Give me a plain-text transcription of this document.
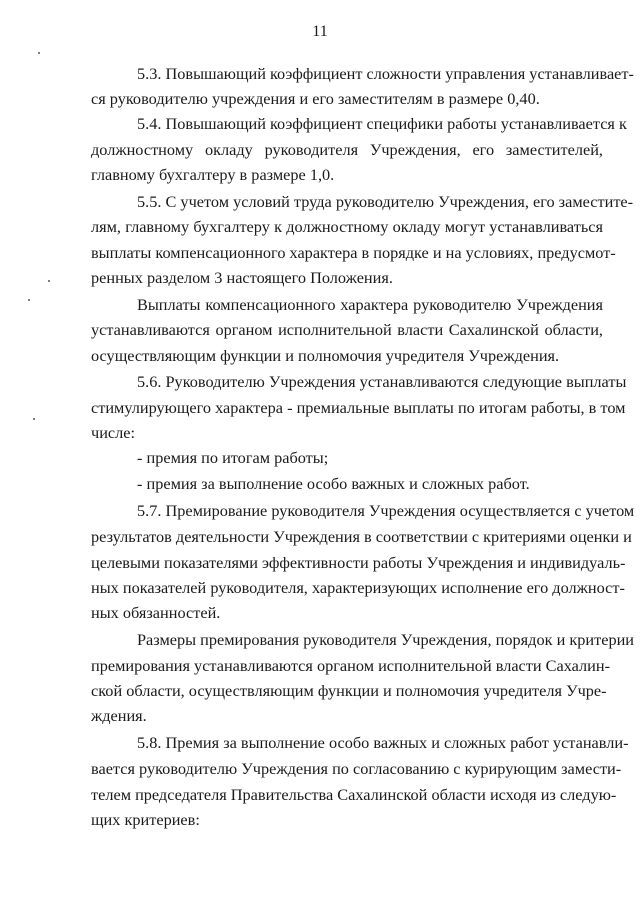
11
5.3. Повышающий коэффициент сложности управления устанавливает-
ся руководителю учреждения и его заместителям в размере 0,40.
5.4. Повышающий коэффициент специфики работы устанавливается к
должностному окладу руководителя Учреждения, его заместителей,
главному бухгалтеру в размере 1,0.
5.5. С учетом условий труда руководителю Учреждения, его заместите-
лям, главному бухгалтеру к должностному окладу могут устанавливаться
выплаты компенсационного характера в порядке и на условиях, предусмот-
ренных разделом 3 настоящего Положения.
Выплаты компенсационного характера руководителю Учреждения
устанавливаются органом исполнительной власти Сахалинской области,
осуществляющим функции и полномочия учредителя Учреждения.
5.6. Руководителю Учреждения устанавливаются следующие выплаты
стимулирующего характера - премиальные выплаты по итогам работы, в том
числе:
- премия по итогам работы;
- премия за выполнение особо важных и сложных работ.
5.7. Премирование руководителя Учреждения осуществляется с учетом
результатов деятельности Учреждения в соответствии с критериями оценки и
целевыми показателями эффективности работы Учреждения и индивидуаль-
ных показателей руководителя, характеризующих исполнение его должност-
ных обязанностей.
Размеры премирования руководителя Учреждения, порядок и критерии
премирования устанавливаются органом исполнительной власти Сахалин-
ской области, осуществляющим функции и полномочия учредителя Учре-
ждения.
5.8. Премия за выполнение особо важных и сложных работ устанавли-
вается руководителю Учреждения по согласованию с курирующим замести-
телем председателя Правительства Сахалинской области исходя из следую-
щих критериев:
